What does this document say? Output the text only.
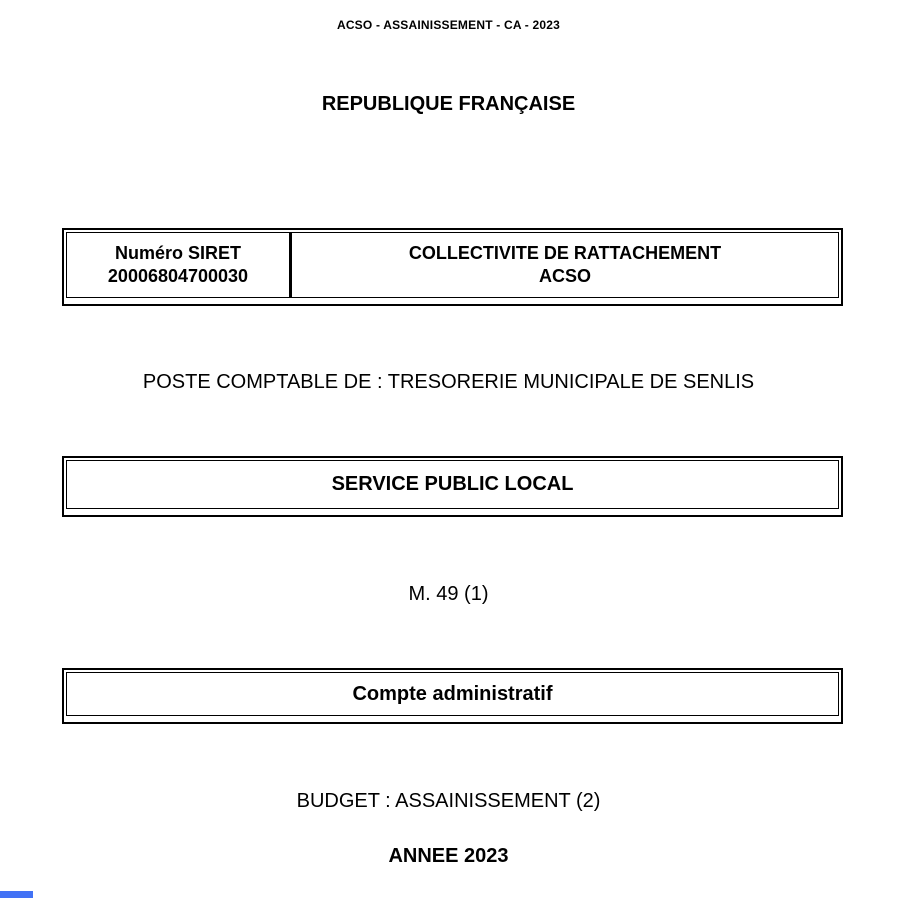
ACSO - ASSAINISSEMENT - CA - 2023
REPUBLIQUE FRANÇAISE
Numéro SIRET
20006804700030
COLLECTIVITE DE RATTACHEMENT
ACSO
POSTE COMPTABLE DE : TRESORERIE MUNICIPALE DE SENLIS
SERVICE PUBLIC LOCAL
M. 49 (1)
Compte administratif
BUDGET : ASSAINISSEMENT (2)
ANNEE 2023
